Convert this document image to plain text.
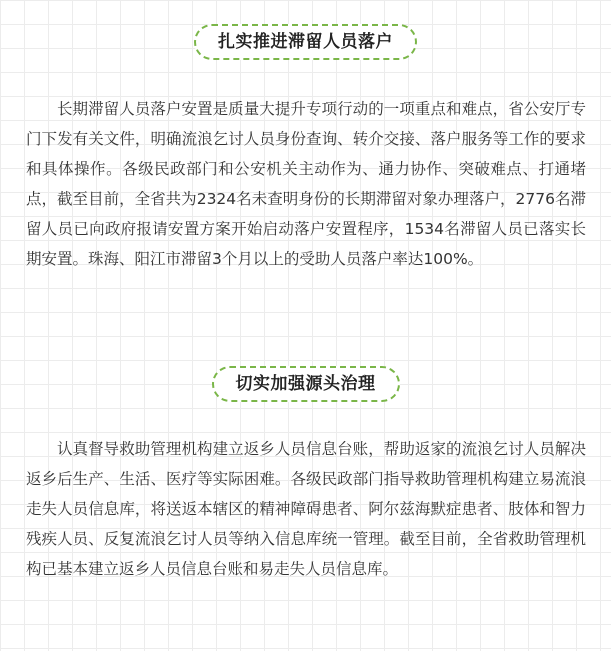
扎实推进滞留人员落户

长期滞留人员落户安置是质量大提升专项行动的一项重点和难点，省公安厅专门下发有关文件，明确流浪乞讨人员身份查询、转介交接、落户服务等工作的要求和具体操作。各级民政部门和公安机关主动作为、通力协作、突破难点、打通堵点，截至目前，全省共为2324名未查明身份的长期滞留对象办理落户，2776名滞留人员已向政府报请安置方案开始启动落户安置程序，1534名滞留人员已落实长期安置。珠海、阳江市滞留3个月以上的受助人员落户率达100%。

切实加强源头治理

认真督导救助管理机构建立返乡人员信息台账，帮助返家的流浪乞讨人员解决返乡后生产、生活、医疗等实际困难。各级民政部门指导救助管理机构建立易流浪走失人员信息库，将送返本辖区的精神障碍患者、阿尔兹海默症患者、肢体和智力残疾人员、反复流浪乞讨人员等纳入信息库统一管理。截至目前，全省救助管理机构已基本建立返乡人员信息台账和易走失人员信息库。
